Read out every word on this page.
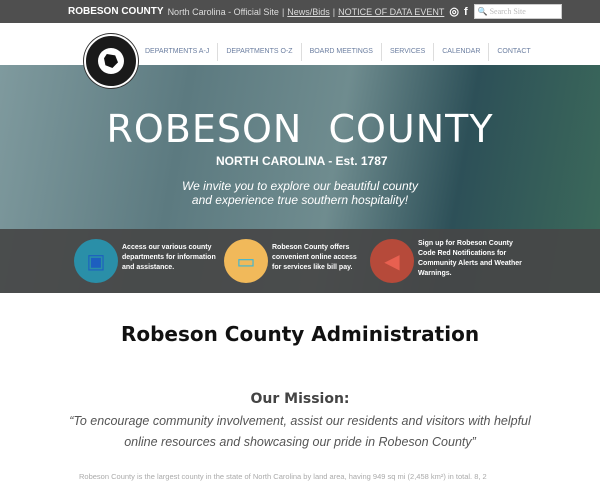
ROBESON COUNTY North Carolina - Official Site | News/Bids | NOTICE OF DATA EVENT ◎ f	🔍 Search Site
DEPARTMENTS A-J	DEPARTMENTS O-Z	BOARD MEETINGS	SERVICES	CALENDAR	CONTACT
ROBESON  COUNTY
NORTH CAROLINA - Est. 1787
We invite you to explore our beautiful county
and experience true southern hospitality!
▣

Access our various county departments for information and assistance.	▭

Robeson County offers convenient online access for services like bill pay.	◀

Sign up for Robeson County Code Red Notifications for Community Alerts and Weather Warnings.

Robeson County Administration
Our Mission:
“To encourage community involvement, assist our residents and visitors with helpful
online resources and showcasing our pride in Robeson County”
Robeson County is the largest county in the state of North Carolina by land area, having 949 sq mi (2,458 km²) in total. 8, 2
